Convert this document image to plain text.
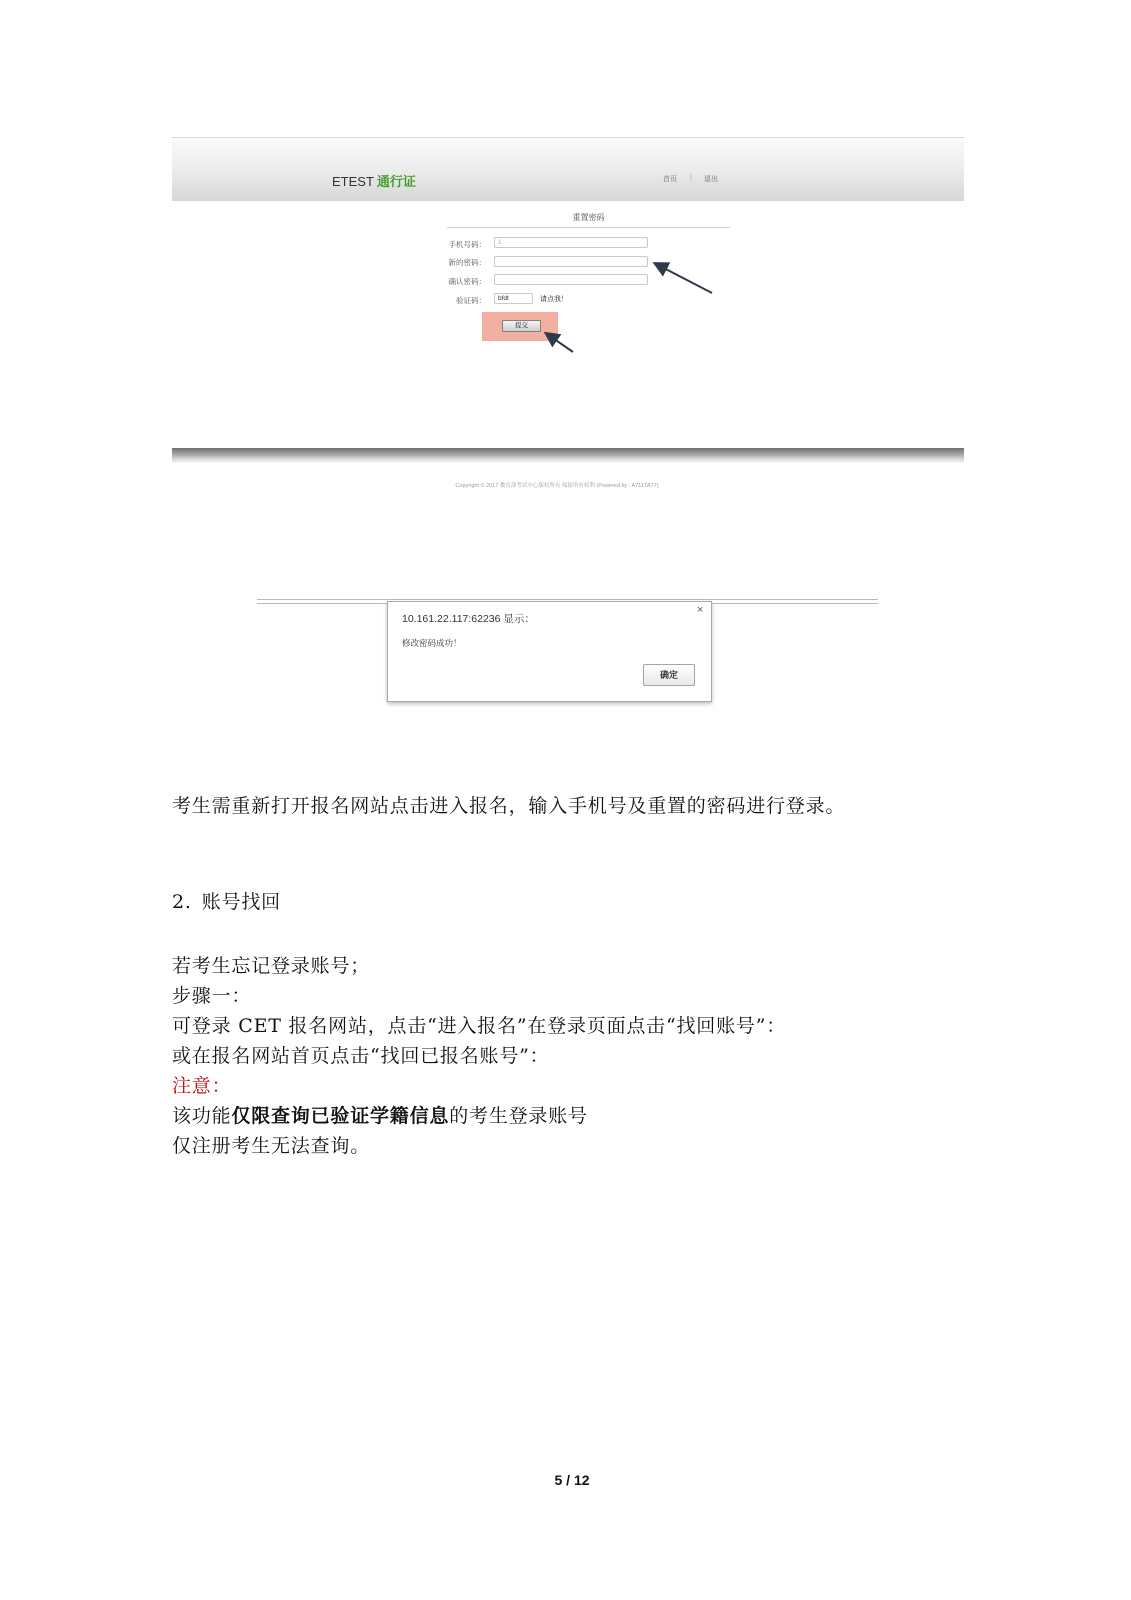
ETEST 通行证	首页 | 退出
重置密码
手机号码：
1
新的密码：
确认密码：
验证码：
bfdt	请点我！
提交
Copyright © 2017 教育部考试中心版权所有 保留所有权利 (Powered by : A711TA77)
10.161.22.117:62236 显示：
×
修改密码成功！
确定
考生需重新打开报名网站点击进入报名，输入手机号及重置的密码进行登录。
2. 账号找回
若考生忘记登录账号；
步骤一：
可登录 CET 报名网站，点击“进入报名”在登录页面点击“找回账号”：
或在报名网站首页点击“找回已报名账号”：
注意：
该功能仅限查询已验证学籍信息的考生登录账号
仅注册考生无法查询。
5 / 12
